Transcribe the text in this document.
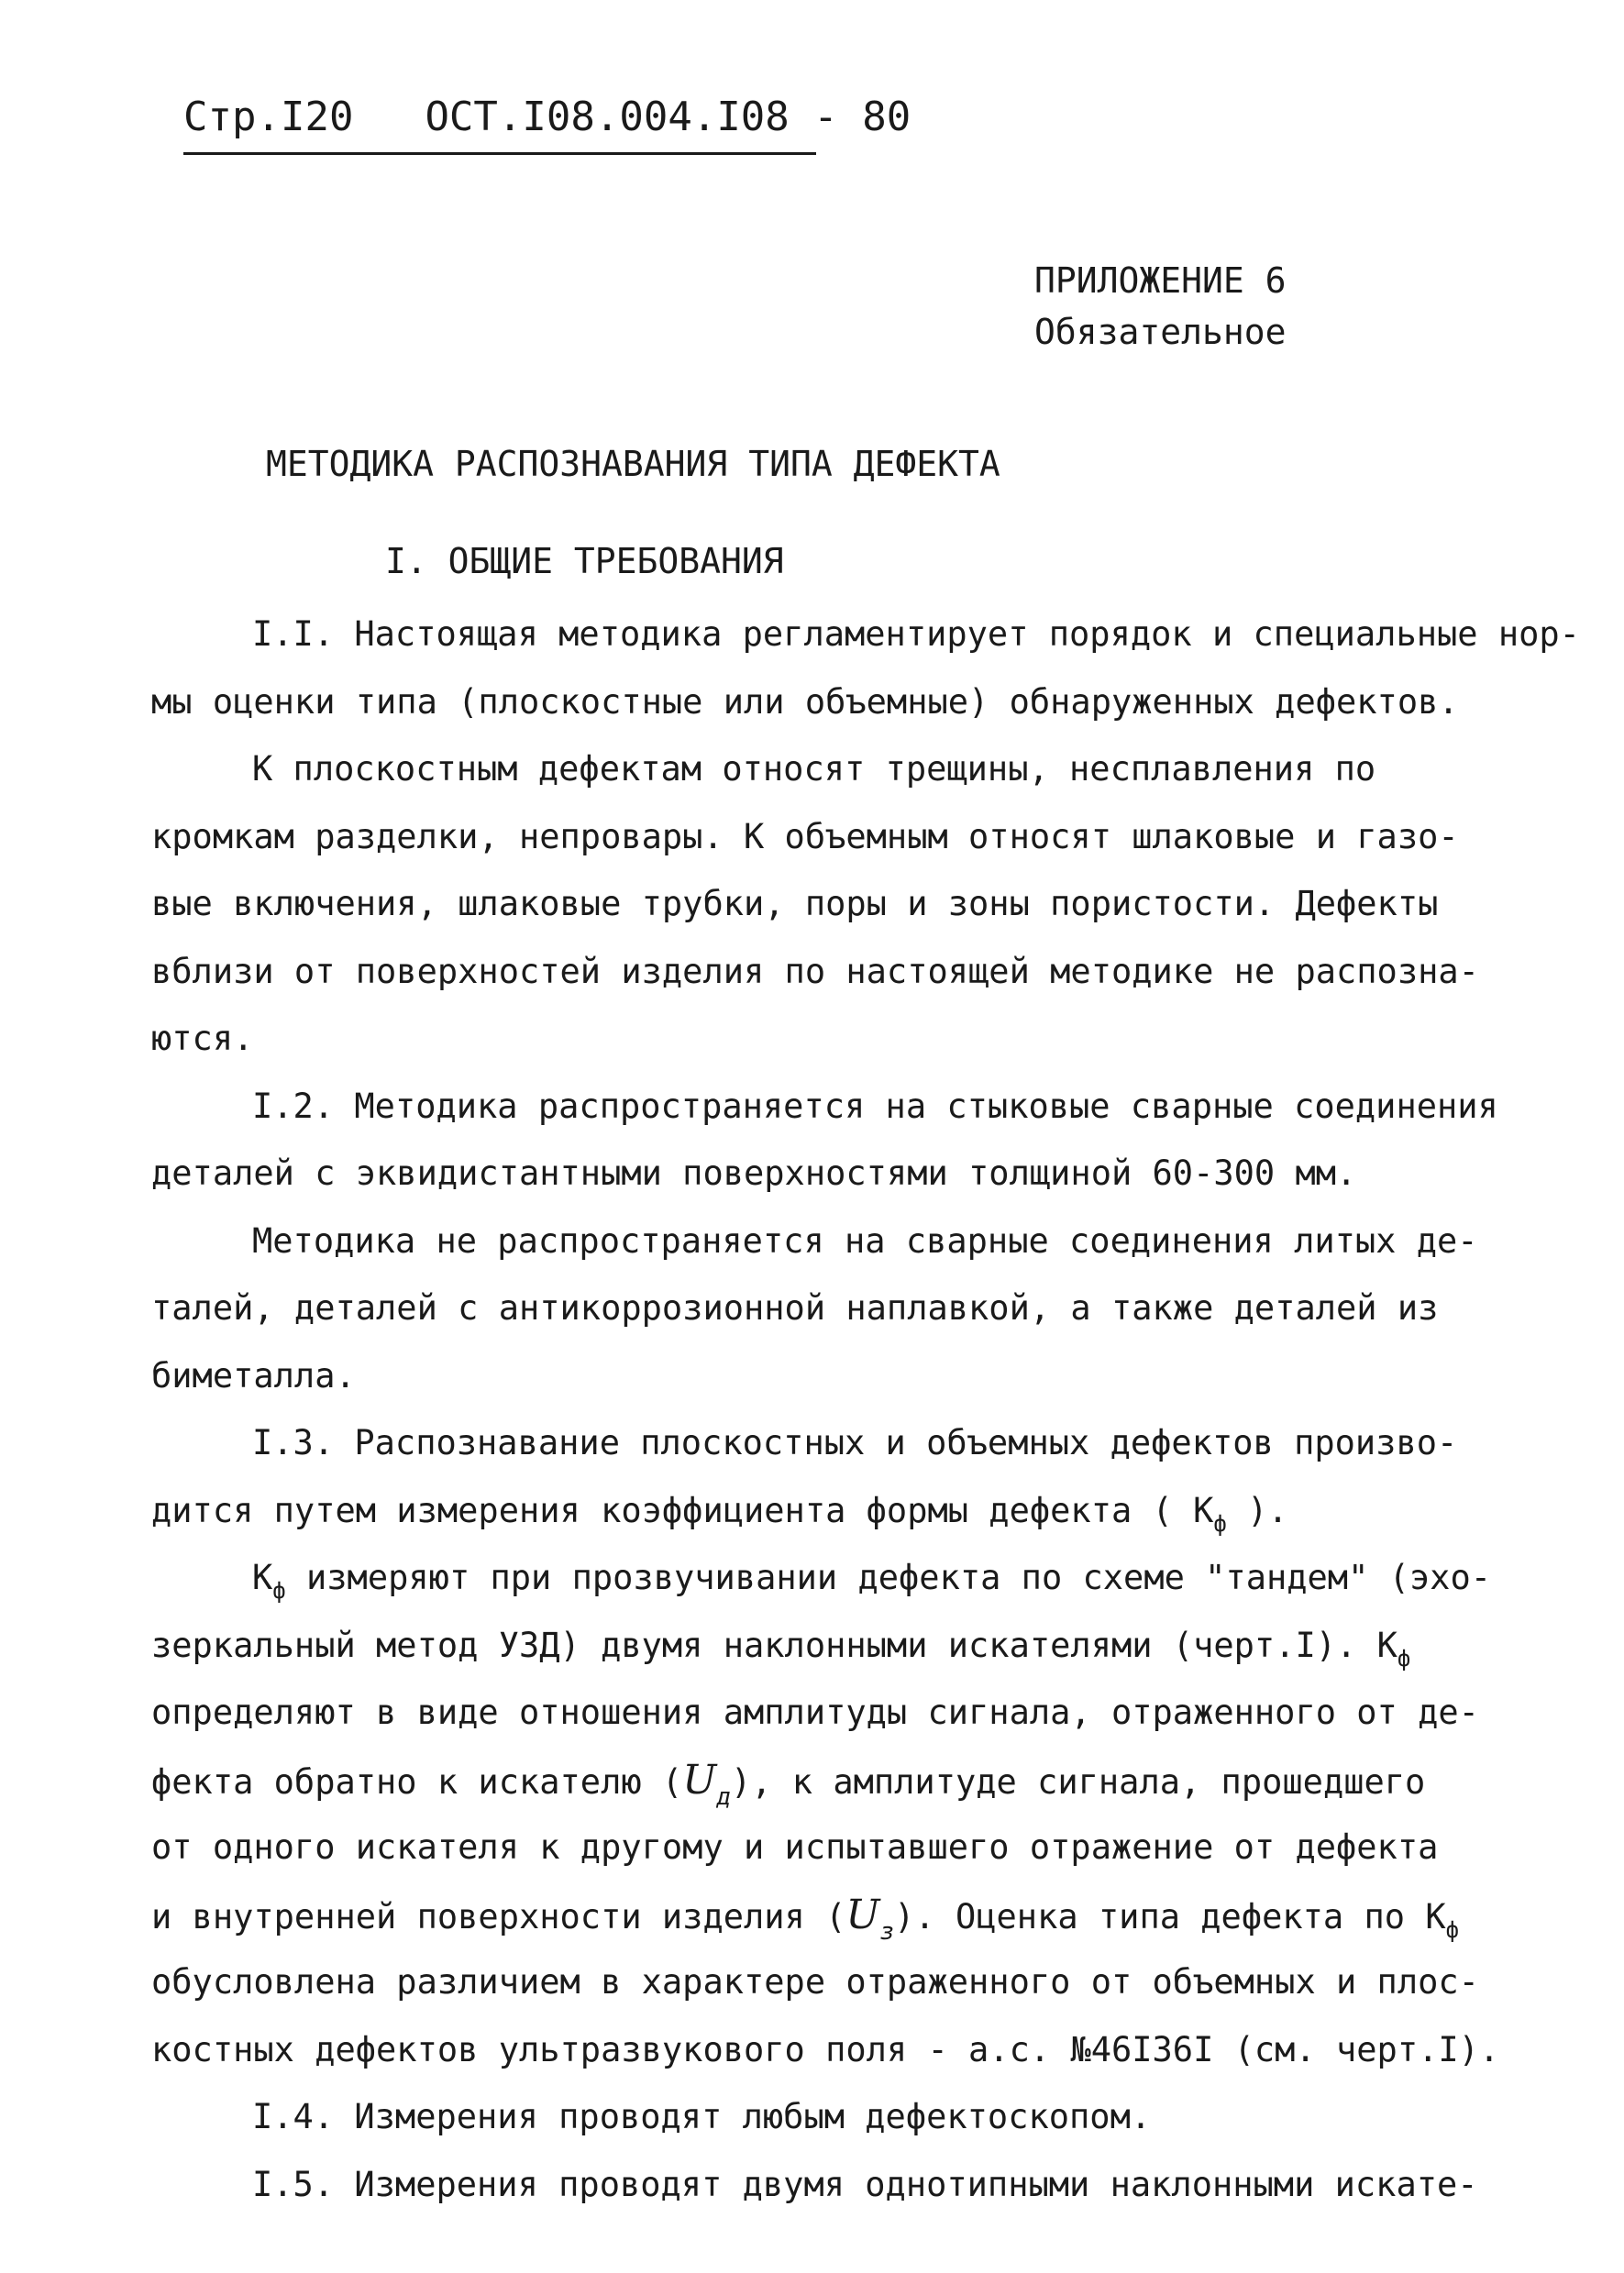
Стр.I20 ОСТ.I08.004.I08 - 80
ПРИЛОЖЕНИЕ 6
Обязательное
МЕТОДИКА РАСПОЗНАВАНИЯ ТИПА ДЕФЕКТА
I. ОБЩИЕ ТРЕБОВАНИЯ
I.I. Настоящая методика регламентирует порядок и специальные нор-
мы оценки типа (плоскостные или объемные) обнаруженных дефектов.
К плоскостным дефектам относят трещины, несплавления по
кромкам разделки, непровары. К объемным относят шлаковые и газо-
вые включения, шлаковые трубки, поры и зоны пористости. Дефекты
вблизи от поверхностей изделия по настоящей методике не распозна-
ются.
I.2. Методика распространяется на стыковые сварные соединения
деталей с эквидистантными поверхностями толщиной 60-300 мм.
Методика не распространяется на сварные соединения литых де-
талей, деталей с антикоррозионной наплавкой, а также деталей из
биметалла.
I.3. Распознавание плоскостных и объемных дефектов произво-
дится путем измерения коэффициента формы дефекта ( $К_ф$ ).
$К_ф$ измеряют при прозвучивании дефекта по схеме "тандем" (эхо-
зеркальный метод УЗД) двумя наклонными искателями (черт.I). $К_ф$
определяют в виде отношения амплитуды сигнала, отраженного от де-
фекта обратно к искателю $(U_д)$, к амплитуде сигнала, прошедшего
от одного искателя к другому и испытавшего отражение от дефекта
и внутренней поверхности изделия $(U_з)$. Оценка типа дефекта по $К_ф$
обусловлена различием в характере отраженного от объемных и плос-
костных дефектов ультразвукового поля - а.с. №46I36I (см. черт.I).
I.4. Измерения проводят любым дефектоскопом.
I.5. Измерения проводят двумя однотипными наклонными искате-
